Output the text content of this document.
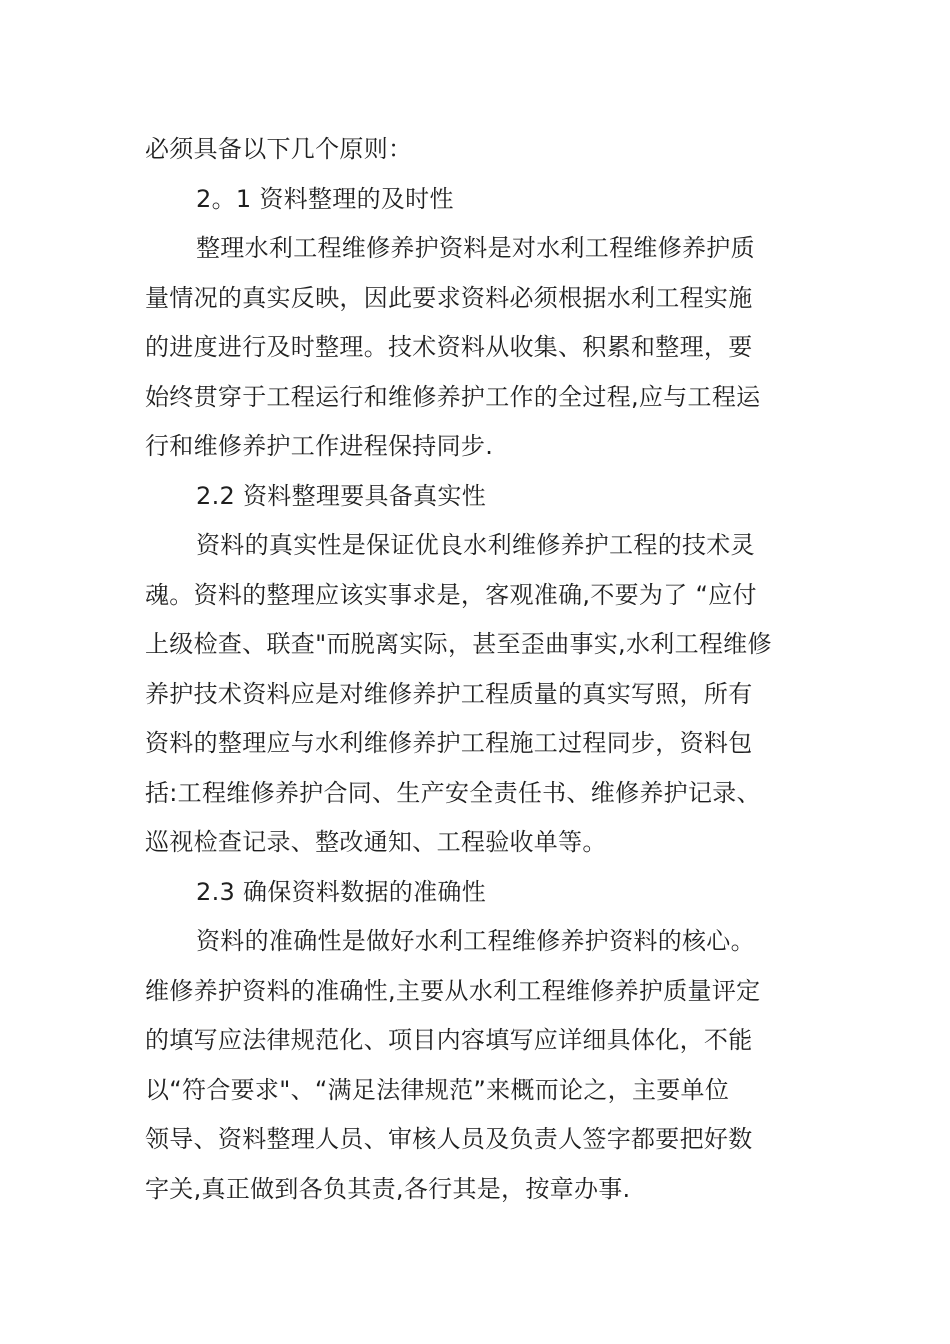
必须具备以下几个原则：
2。1 资料整理的及时性
整理水利工程维修养护资料是对水利工程维修养护质
量情况的真实反映，因此要求资料必须根据水利工程实施
的进度进行及时整理。技术资料从收集、积累和整理，要
始终贯穿于工程运行和维修养护工作的全过程,应与工程运
行和维修养护工作进程保持同步.
2.2 资料整理要具备真实性
资料的真实性是保证优良水利维修养护工程的技术灵
魂。资料的整理应该实事求是，客观准确,不要为了 “应付
上级检查、联查"而脱离实际，甚至歪曲事实,水利工程维修
养护技术资料应是对维修养护工程质量的真实写照，所有
资料的整理应与水利维修养护工程施工过程同步，资料包
括:工程维修养护合同、生产安全责任书、维修养护记录、
巡视检查记录、整改通知、工程验收单等。
2.3 确保资料数据的准确性
资料的准确性是做好水利工程维修养护资料的核心。
维修养护资料的准确性,主要从水利工程维修养护质量评定
的填写应法律规范化、项目内容填写应详细具体化，不能
以“符合要求"、“满足法律规范”来概而论之，主要单位
领导、资料整理人员、审核人员及负责人签字都要把好数
字关,真正做到各负其责,各行其是，按章办事.
